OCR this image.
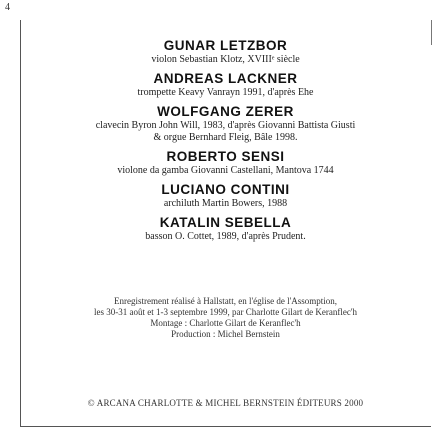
4

GUNAR LETZBOR

violon Sebastian Klotz, XVIIIᵉ siècle

ANDREAS LACKNER

trompette Keavy Vanrayn 1991, d'après Ehe

WOLFGANG ZERER

clavecin Byron John Will, 1983, d'après Giovanni Battista Giusti

& orgue Bernhard Fleig, Bâle 1998.

ROBERTO SENSI

violone da gamba Giovanni Castellani, Mantova 1744

LUCIANO CONTINI

archiluth Martin Bowers, 1988

KATALIN SEBELLA

basson O. Cottet, 1989, d'après Prudent.

Enregistrement réalisé à Hallstatt, en l'église de l'Assomption,

les 30-31 août et 1-3 septembre 1999, par Charlotte Gilart de Keranflec'h

Montage : Charlotte Gilart de Keranflec'h

Production : Michel Bernstein

© ARCANA CHARLOTTE & MICHEL BERNSTEIN ÉDITEURS 2000
